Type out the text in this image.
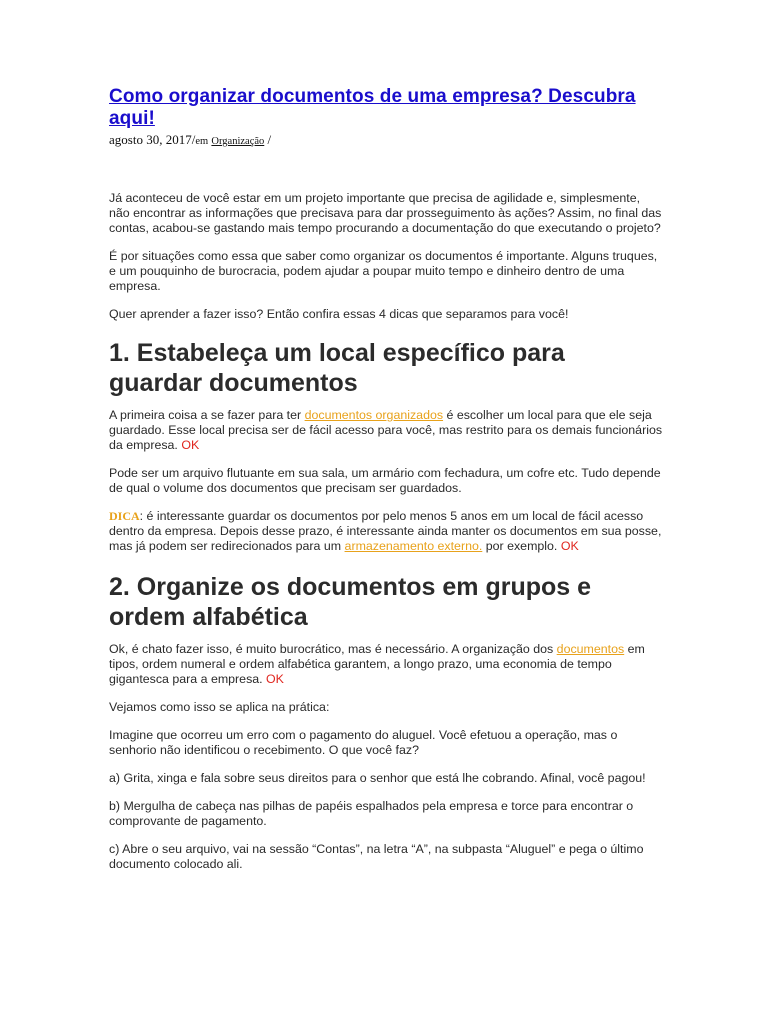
Como organizar documentos de uma empresa? Descubra aqui!
agosto 30, 2017/em Organização /

Já aconteceu de você estar em um projeto importante que precisa de agilidade e, simplesmente, não encontrar as informações que precisava para dar prosseguimento às ações? Assim, no final das contas, acabou-se gastando mais tempo procurando a documentação do que executando o projeto?

É por situações como essa que saber como organizar os documentos é importante. Alguns truques, e um pouquinho de burocracia, podem ajudar a poupar muito tempo e dinheiro dentro de uma empresa.

Quer aprender a fazer isso? Então confira essas 4 dicas que separamos para você!

1. Estabeleça um local específico para guardar documentos

A primeira coisa a se fazer para ter documentos organizados é escolher um local para que ele seja guardado. Esse local precisa ser de fácil acesso para você, mas restrito para os demais funcionários da empresa. OK

Pode ser um arquivo flutuante em sua sala, um armário com fechadura, um cofre etc. Tudo depende de qual o volume dos documentos que precisam ser guardados.

DICA: é interessante guardar os documentos por pelo menos 5 anos em um local de fácil acesso dentro da empresa. Depois desse prazo, é interessante ainda manter os documentos em sua posse, mas já podem ser redirecionados para um armazenamento externo. por exemplo. OK

2. Organize os documentos em grupos e ordem alfabética

Ok, é chato fazer isso, é muito burocrático, mas é necessário. A organização dos documentos em tipos, ordem numeral e ordem alfabética garantem, a longo prazo, uma economia de tempo gigantesca para a empresa. OK

Vejamos como isso se aplica na prática:

Imagine que ocorreu um erro com o pagamento do aluguel. Você efetuou a operação, mas o senhorio não identificou o recebimento. O que você faz?

a) Grita, xinga e fala sobre seus direitos para o senhor que está lhe cobrando. Afinal, você pagou!

b) Mergulha de cabeça nas pilhas de papéis espalhados pela empresa e torce para encontrar o comprovante de pagamento.

c) Abre o seu arquivo, vai na sessão “Contas”, na letra “A”, na subpasta “Aluguel” e pega o último documento colocado ali.
